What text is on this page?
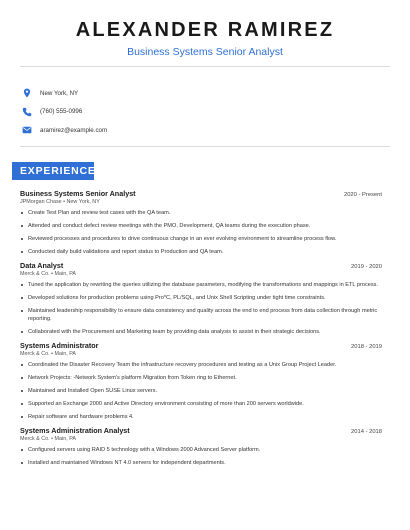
ALEXANDER RAMIREZ
Business Systems Senior Analyst
New York, NY
(760) 555-0996
aramirez@example.com
EXPERIENCE
Business Systems Senior Analyst	2020 - Present
JPMorgan Chase • New York, NY
Create Test Plan and review test cases with the QA team.
Attended and conduct defect review meetings with the PMO, Development, QA teams during the execution phase.
Reviewed processes and procedures to drive continuous change in an ever evolving environment to streamline process flow.
Conducted daily build validations and report status to Production and QA team.
Data Analyst	2019 - 2020
Merck & Co. • Main, PA
Tuned the application by rewriting the queries utilizing the database parameters, modifying the transformations and mappings in ETL process.
Developed solutions for production problems using Pro*C, PL/SQL, and Unix Shell Scripting under tight time constraints.
Maintained leadership responsibility to ensure data consistency and quality across the end to end process from data collection through metric reporting.
Collaborated with the Procurement and Marketing team by providing data analysis to assist in their strategic decisions.
Systems Administrator	2018 - 2019
Merck & Co. • Main, PA
Coordinated the Disaster Recovery Team the infrastructure recovery procedures and testing as a Unix Group Project Leader.
Network Projects: -Network System's platform Migration from Token ring to Ethernet.
Maintained and Installed Open SUSE Linux servers.
Supported an Exchange 2000 and Active Directory environment consisting of more than 200 servers worldwide.
Repair software and hardware problems 4.
Systems Administration Analyst	2014 - 2018
Merck & Co. • Main, PA
Configured servers using RAID 5 technology with a Windows 2000 Advanced Server platform.
Installed and maintained Windows NT 4.0 servers for independent departments.
